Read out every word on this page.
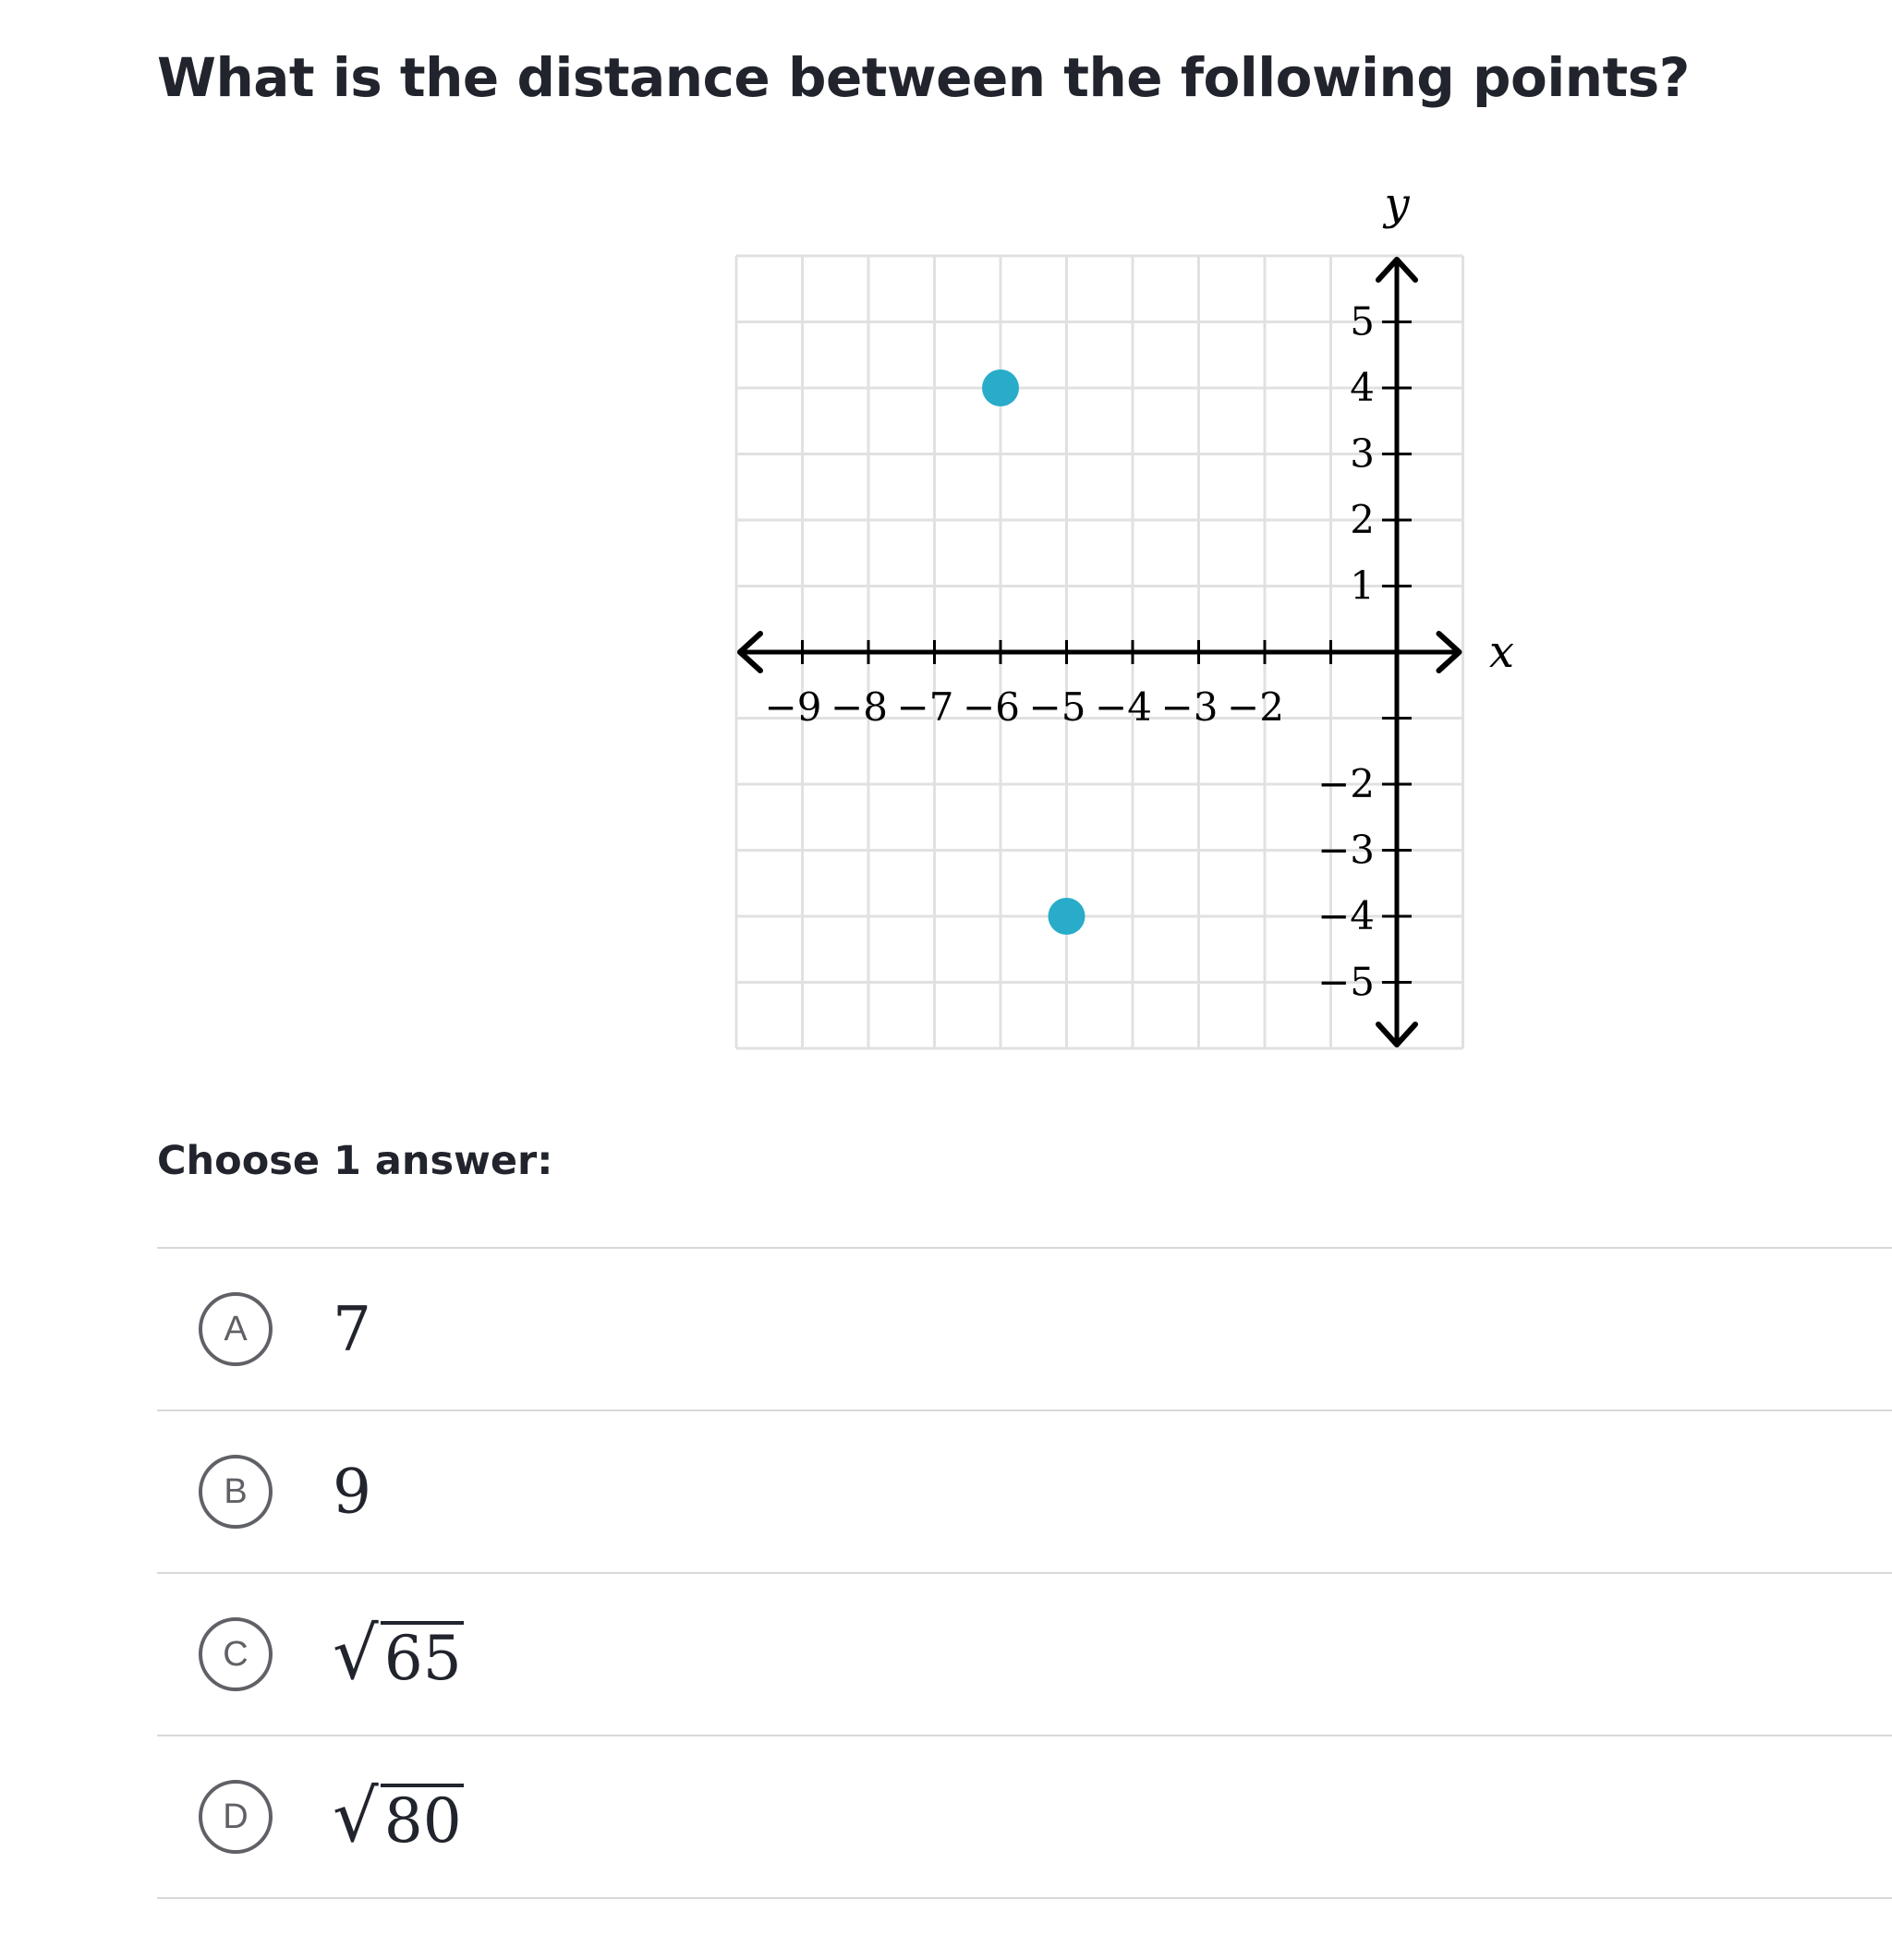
What is the distance between the following points?
−9 −8 −7 −6 −5 −4 −3 −2
5
4
3
2
1
−2
−3
−4
−5
x
y

Choose 1 answer:

A	7
B	9
C	√ 65
D	√ 80
